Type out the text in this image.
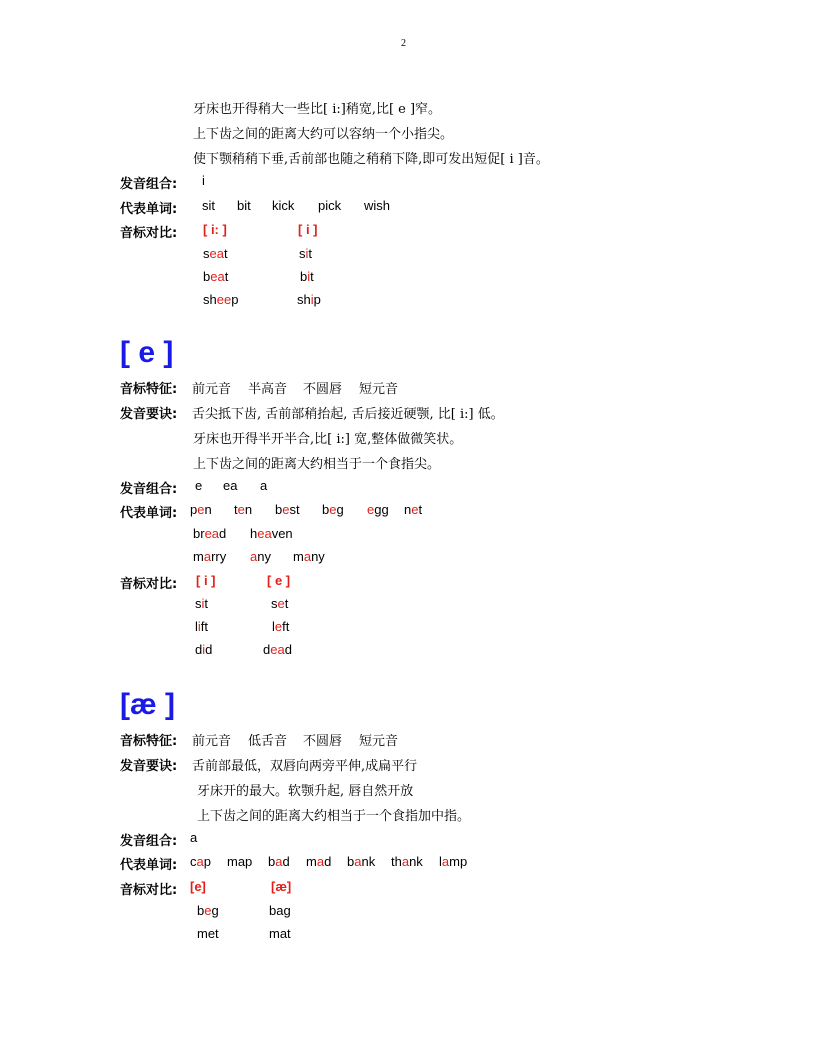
2
牙床也开得稍大一些比[ i:]稍宽,比[ e ]窄。
上下齿之间的距离大约可以容纳一个小指尖。
使下颚稍稍下垂,舌前部也随之稍稍下降,即可发出短促[ i ]音。
发音组合: i
代表单词: sit bit kick pick wish
音标对比: [ i: ]	[ i ]
seat	sit
beat	bit
sheep	ship
[ e ]
音标特征: 前元音 半高音 不圆唇 短元音
发音要诀: 舌尖抵下齿, 舌前部稍抬起, 舌后接近硬颚, 比[ i:] 低。
牙床也开得半开半合,比[ i:] 宽,整体做微笑状。
上下齿之间的距离大约相当于一个食指尖。
发音组合: e ea a
代表单词: pen ten best beg egg net
bread heaven
marry any many
音标对比: [ i ]	[ e ]
sit	set
lift	left
did	dead
[æ ]
音标特征: 前元音 低舌音 不圆唇 短元音
发音要诀: 舌前部最低，双唇向两旁平伸,成扁平行
牙床开的最大。软颚升起, 唇自然开放
上下齿之间的距离大约相当于一个食指加中指。
发音组合: a
代表单词: cap map bad mad bank thank lamp
音标对比: [e]	[æ]
beg	bag
met	mat
